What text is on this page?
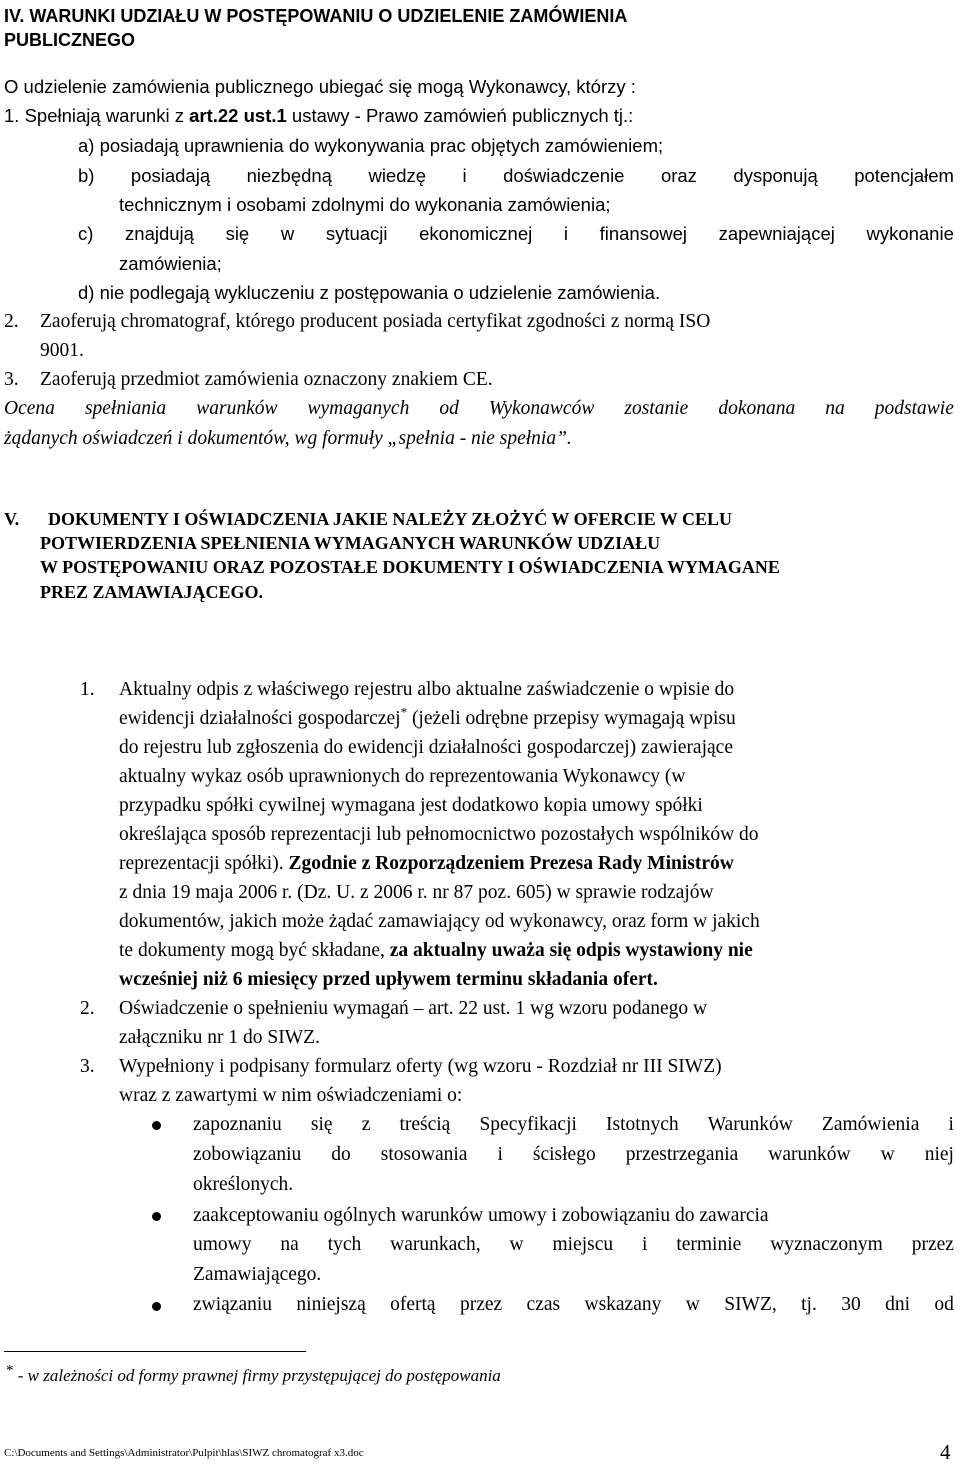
IV. WARUNKI UDZIAŁU W POSTĘPOWANIU O UDZIELENIE ZAMÓWIENIA
PUBLICZNEGO
O udzielenie zamówienia publicznego ubiegać się mogą Wykonawcy, którzy :
1. Spełniają warunki z art.22 ust.1 ustawy - Prawo zamówień publicznych tj.:
a) posiadają uprawnienia do wykonywania prac objętych zamówieniem;
b) posiadają niezbędną wiedzę i doświadczenie oraz dysponują potencjałem
technicznym i osobami zdolnymi do wykonania zamówienia;
c) znajdują się w sytuacji ekonomicznej i finansowej zapewniającej wykonanie
zamówienia;
d) nie podlegają wykluczeniu z postępowania o udzielenie zamówienia.
2. Zaoferują chromatograf, którego producent posiada certyfikat zgodności z normą ISO
9001.
3. Zaoferują przedmiot zamówienia oznaczony znakiem CE.
Ocena spełniania warunków wymaganych od Wykonawców zostanie dokonana na podstawie
żądanych oświadczeń i dokumentów, wg formuły „spełnia - nie spełnia”.
V. DOKUMENTY I OŚWIADCZENIA JAKIE NALEŻY ZŁOŻYĆ W OFERCIE W CELU
POTWIERDZENIA SPEŁNIENIA WYMAGANYCH WARUNKÓW UDZIAŁU
W POSTĘPOWANIU ORAZ POZOSTAŁE DOKUMENTY I OŚWIADCZENIA WYMAGANE
PREZ ZAMAWIAJĄCEGO.
1. Aktualny odpis z właściwego rejestru albo aktualne zaświadczenie o wpisie do
ewidencji działalności gospodarczej* (jeżeli odrębne przepisy wymagają wpisu
do rejestru lub zgłoszenia do ewidencji działalności gospodarczej) zawierające
aktualny wykaz osób uprawnionych do reprezentowania Wykonawcy (w
przypadku spółki cywilnej wymagana jest dodatkowo kopia umowy spółki
określająca sposób reprezentacji lub pełnomocnictwo pozostałych wspólników do
reprezentacji spółki). Zgodnie z Rozporządzeniem Prezesa Rady Ministrów
z dnia 19 maja 2006 r. (Dz. U. z 2006 r. nr 87 poz. 605) w sprawie rodzajów
dokumentów, jakich może żądać zamawiający od wykonawcy, oraz form w jakich
te dokumenty mogą być składane, za aktualny uważa się odpis wystawiony nie
wcześniej niż 6 miesięcy przed upływem terminu składania ofert.
2. Oświadczenie o spełnieniu wymagań – art. 22 ust. 1 wg wzoru podanego w
załączniku nr 1 do SIWZ.
3. Wypełniony i podpisany formularz oferty (wg wzoru - Rozdział nr III SIWZ)
wraz z zawartymi w nim oświadczeniami o:
zapoznaniu się z treścią Specyfikacji Istotnych Warunków Zamówienia i
zobowiązaniu do stosowania i ścisłego przestrzegania warunków w niej
określonych.
zaakceptowaniu ogólnych warunków umowy i zobowiązaniu do zawarcia
umowy na tych warunkach, w miejscu i terminie wyznaczonym przez
Zamawiającego.
związaniu niniejszą ofertą przez czas wskazany w SIWZ, tj. 30 dni od
* - w zależności od formy prawnej firmy przystępującej do postępowania
C:\Documents and Settings\Administrator\Pulpit\hlas\SIWZ chromatograf x3.doc	4
